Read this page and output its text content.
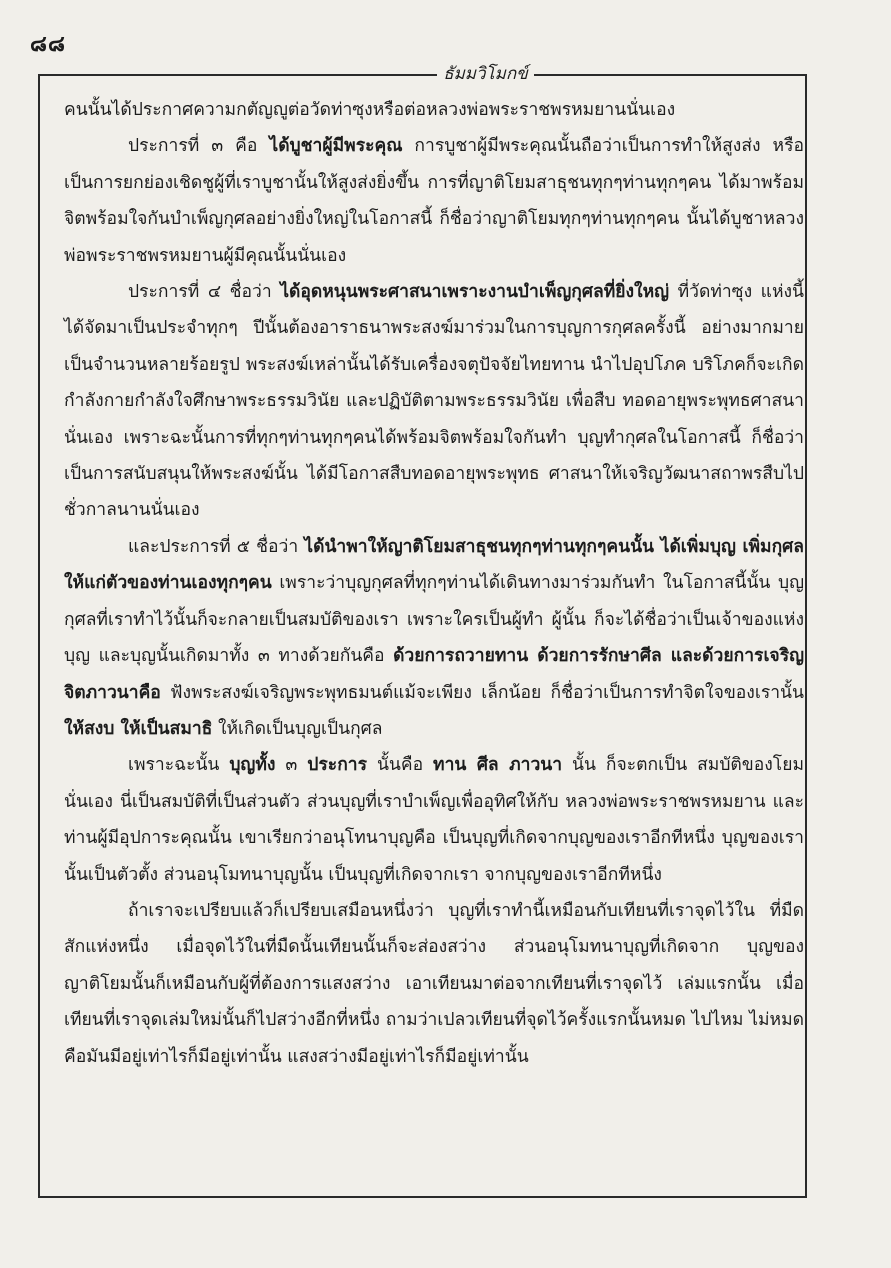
๘๘
ธัมมวิโมกข์

คนนั้นได้ประกาศความกตัญญูต่อวัดท่าซุงหรือต่อหลวงพ่อพระราชพรหมยานนั่นเอง

ประการที่ ๓ คือ ได้บูชาผู้มีพระคุณ การบูชาผู้มีพระคุณนั้นถือว่าเป็นการทำให้สูงส่ง หรือเป็นการยกย่องเชิดชูผู้ที่เราบูชานั้นให้สูงส่งยิ่งขึ้น การที่ญาติโยมสาธุชนทุกๆท่านทุกๆคน ได้มาพร้อมจิตพร้อมใจกันบำเพ็ญกุศลอย่างยิ่งใหญ่ในโอกาสนี้ ก็ชื่อว่าญาติโยมทุกๆท่านทุกๆคน นั้นได้บูชาหลวงพ่อพระราชพรหมยานผู้มีคุณนั้นนั่นเอง

ประการที่ ๔ ชื่อว่า ได้อุดหนุนพระศาสนาเพราะงานบำเพ็ญกุศลที่ยิ่งใหญ่ ที่วัดท่าซุง แห่งนี้ได้จัดมาเป็นประจำทุกๆ ปีนั้นต้องอาราธนาพระสงฆ์มาร่วมในการบุญการกุศลครั้งนี้ อย่างมากมายเป็นจำนวนหลายร้อยรูป พระสงฆ์เหล่านั้นได้รับเครื่องจตุปัจจัยไทยทาน นำไปอุปโภค บริโภคก็จะเกิดกำลังกายกำลังใจศึกษาพระธรรมวินัย และปฏิบัติตามพระธรรมวินัย เพื่อสืบ ทอดอายุพระพุทธศาสนานั่นเอง เพราะฉะนั้นการที่ทุกๆท่านทุกๆคนได้พร้อมจิตพร้อมใจกันทำ บุญทำกุศลในโอกาสนี้ ก็ชื่อว่าเป็นการสนับสนุนให้พระสงฆ์นั้น ได้มีโอกาสสืบทอดอายุพระพุทธ ศาสนาให้เจริญวัฒนาสถาพรสืบไปชั่วกาลนานนั่นเอง

และประการที่ ๕ ชื่อว่า ได้นำพาให้ญาติโยมสาธุชนทุกๆท่านทุกๆคนนั้น ได้เพิ่มบุญ เพิ่มกุศลให้แก่ตัวของท่านเองทุกๆคน เพราะว่าบุญกุศลที่ทุกๆท่านได้เดินทางมาร่วมกันทำ ในโอกาสนี้นั้น บุญกุศลที่เราทำไว้นั้นก็จะกลายเป็นสมบัติของเรา เพราะใครเป็นผู้ทำ ผู้นั้น ก็จะได้ชื่อว่าเป็นเจ้าของแห่งบุญ และบุญนั้นเกิดมาทั้ง ๓ ทางด้วยกันคือ ด้วยการถวายทาน ด้วยการรักษาศีล และด้วยการเจริญจิตภาวนาคือ ฟังพระสงฆ์เจริญพระพุทธมนต์แม้จะเพียง เล็กน้อย ก็ชื่อว่าเป็นการทำจิตใจของเรานั้น ให้สงบ ให้เป็นสมาธิ ให้เกิดเป็นบุญเป็นกุศล

เพราะฉะนั้น บุญทั้ง ๓ ประการ นั้นคือ ทาน ศีล ภาวนา นั้น ก็จะตกเป็น สมบัติของโยมนั่นเอง นี่เป็นสมบัติที่เป็นส่วนตัว ส่วนบุญที่เราบำเพ็ญเพื่ออุทิศให้กับ หลวงพ่อพระราชพรหมยาน และท่านผู้มีอุปการะคุณนั้น เขาเรียกว่าอนุโทนาบุญคือ เป็นบุญที่เกิดจากบุญของเราอีกทีหนึ่ง บุญของเรานั้นเป็นตัวตั้ง ส่วนอนุโมทนาบุญนั้น เป็นบุญที่เกิดจากเรา จากบุญของเราอีกทีหนึ่ง

ถ้าเราจะเปรียบแล้วก็เปรียบเสมือนหนึ่งว่า บุญที่เราทำนี้เหมือนกับเทียนที่เราจุดไว้ใน ที่มืดสักแห่งหนึ่ง เมื่อจุดไว้ในที่มืดนั้นเทียนนั้นก็จะส่องสว่าง ส่วนอนุโมทนาบุญที่เกิดจาก บุญของญาติโยมนั้นก็เหมือนกับผู้ที่ต้องการแสงสว่าง เอาเทียนมาต่อจากเทียนที่เราจุดไว้ เล่มแรกนั้น เมื่อเทียนที่เราจุดเล่มใหม่นั้นก็ไปสว่างอีกที่หนึ่ง ถามว่าเปลวเทียนที่จุดไว้ครั้งแรกนั้นหมด ไปไหม ไม่หมดคือมันมีอยู่เท่าไรก็มีอยู่เท่านั้น แสงสว่างมีอยู่เท่าไรก็มีอยู่เท่านั้น
